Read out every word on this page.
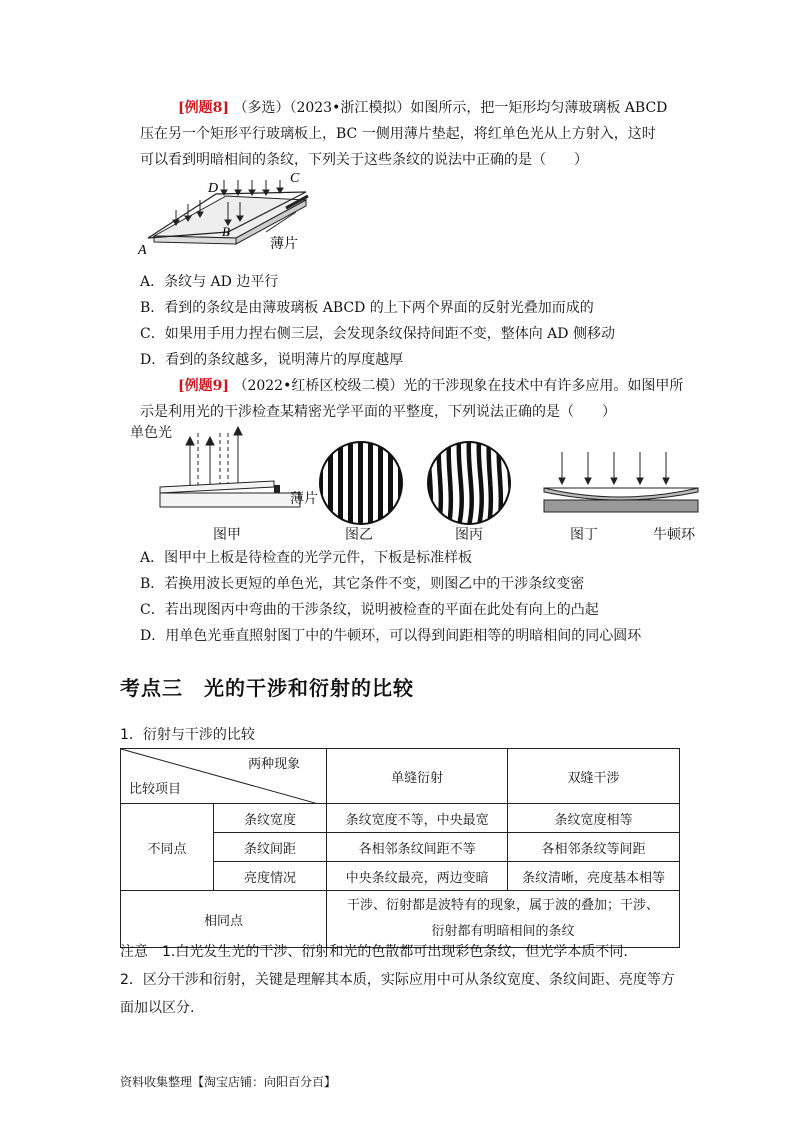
[例题8] （多选）（2023•浙江模拟）如图所示，把一矩形均匀薄玻璃板 ABCD
压在另一个矩形平行玻璃板上，BC 一侧用薄片垫起，将红单色光从上方射入，这时
可以看到明暗相间的条纹，下列关于这些条纹的说法中正确的是（　　）
A
B
C
D
薄片
A．条纹与 AD 边平行
B．看到的条纹是由薄玻璃板 ABCD 的上下两个界面的反射光叠加而成的
C．如果用手用力捏右侧三层，会发现条纹保持间距不变，整体向 AD 侧移动
D．看到的条纹越多，说明薄片的厚度越厚
[例题9] （2022•红桥区校级二模）光的干涉现象在技术中有许多应用。如图甲所
示是利用光的干涉检查某精密光学平面的平整度，下列说法正确的是（　　）
单色光
薄片
图甲	图乙	图丙	图丁	牛顿环
A．图甲中上板是待检查的光学元件，下板是标准样板
B．若换用波长更短的单色光，其它条件不变，则图乙中的干涉条纹变密
C．若出现图丙中弯曲的干涉条纹，说明被检查的平面在此处有向上的凸起
D．用单色光垂直照射图丁中的牛顿环，可以得到间距相等的明暗相间的同心圆环
考点三　光的干涉和衍射的比较
1．衍射与干涉的比较
两种现象
比较项目		单缝衍射	双缝干涉
不同点	条纹宽度	条纹宽度不等，中央最宽	条纹宽度相等
	条纹间距	各相邻条纹间距不等	各相邻条纹等间距
	亮度情况	中央条纹最亮，两边变暗	条纹清晰，亮度基本相等
相同点		干涉、衍射都是波特有的现象，属于波的叠加；干涉、
衍射都有明暗相间的条纹	
注意　1.白光发生光的干涉、衍射和光的色散都可出现彩色条纹，但光学本质不同.
2．区分干涉和衍射，关键是理解其本质，实际应用中可从条纹宽度、条纹间距、亮度等方
面加以区分.
资料收集整理【淘宝店铺：向阳百分百】
